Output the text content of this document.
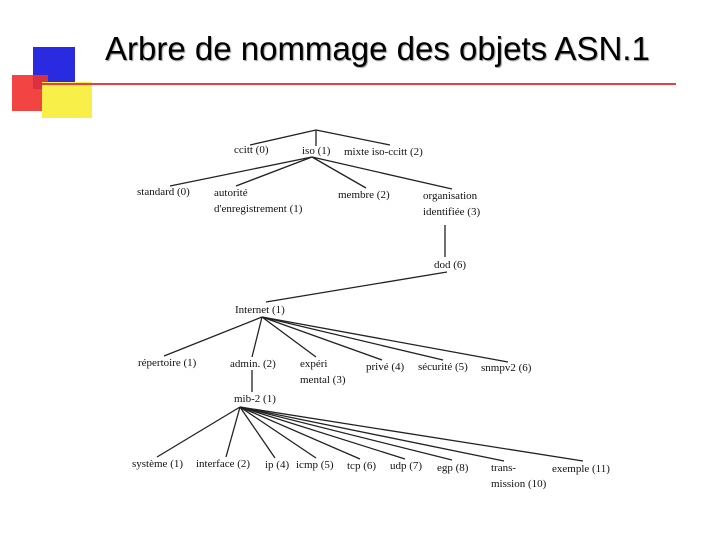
Arbre de nommage des objets ASN.1
ccitt (0)	iso (1) mixte iso-ccitt (2)
standard (0) autorité
d'enregistrement (1)
membre (2)	organisation
identifiée (3)
dod (6)
Internet (1)
répertoire (1)	admin. (2) expéri
mental (3)
privé (4) sécurité (5) snmpv2 (6)
mib-2 (1)
système (1) interface (2) ip (4) icmp (5) tcp (6) udp (7) egp (8) trans-
mission (10)
exemple (11)
